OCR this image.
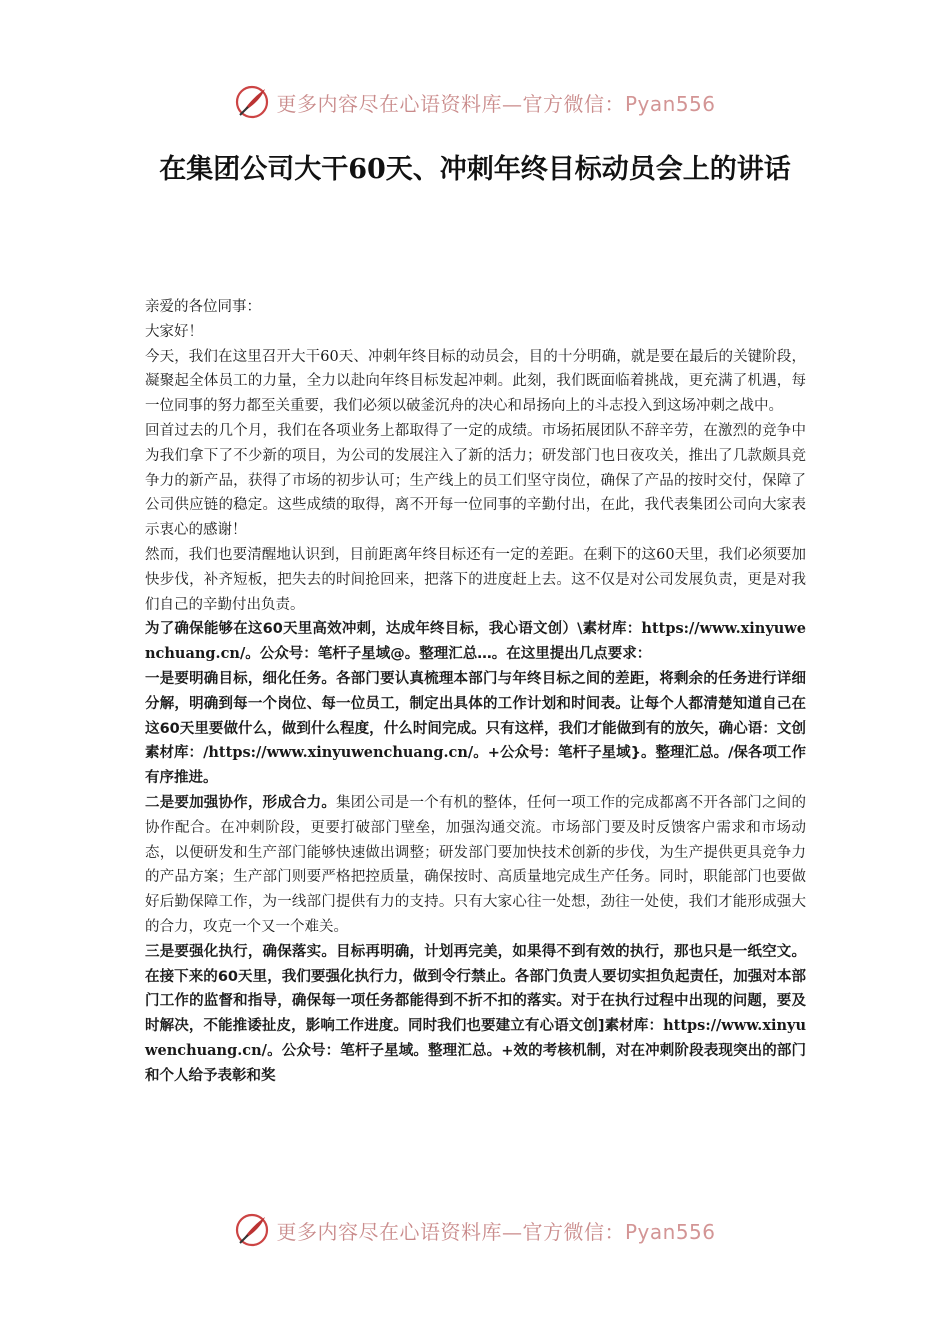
更多内容尽在心语资料库—官方微信：Pyan556
在集团公司大干60天、冲刺年终目标动员会上的讲话

亲爱的各位同事：

大家好！

今天，我们在这里召开大干60天、冲刺年终目标的动员会，目的十分明确，就是要在最后的关键阶段，凝聚起全体员工的力量，全力以赴向年终目标发起冲刺。此刻，我们既面临着挑战，更充满了机遇，每一位同事的努力都至关重要，我们必须以破釜沉舟的决心和昂扬向上的斗志投入到这场冲刺之战中。

回首过去的几个月，我们在各项业务上都取得了一定的成绩。市场拓展团队不辞辛劳，在激烈的竞争中为我们拿下了不少新的项目，为公司的发展注入了新的活力；研发部门也日夜攻关，推出了几款颇具竞争力的新产品，获得了市场的初步认可；生产线上的员工们坚守岗位，确保了产品的按时交付，保障了公司供应链的稳定。这些成绩的取得，离不开每一位同事的辛勤付出，在此，我代表集团公司向大家表示衷心的感谢！

然而，我们也要清醒地认识到，目前距离年终目标还有一定的差距。在剩下的这60天里，我们必须要加快步伐，补齐短板，把失去的时间抢回来，把落下的进度赶上去。这不仅是对公司发展负责，更是对我们自己的辛勤付出负责。

为了确保能够在这60天里高效冲刺，达成年终目标，我心语文创）\素材库：https://www.xinyuwenchuang.cn/。公众号：笔杆子星域@。整理汇总…。在这里提出几点要求：

一是要明确目标，细化任务。各部门要认真梳理本部门与年终目标之间的差距，将剩余的任务进行详细分解，明确到每一个岗位、每一位员工，制定出具体的工作计划和时间表。让每个人都清楚知道自己在这60天里要做什么，做到什么程度，什么时间完成。只有这样，我们才能做到有的放矢，确心语：文创素材库：/https://www.xinyuwenchuang.cn/。+公众号：笔杆子星域}。整理汇总。/保各项工作有序推进。

二是要加强协作，形成合力。集团公司是一个有机的整体，任何一项工作的完成都离不开各部门之间的协作配合。在冲刺阶段，更要打破部门壁垒，加强沟通交流。市场部门要及时反馈客户需求和市场动态，以便研发和生产部门能够快速做出调整；研发部门要加快技术创新的步伐，为生产提供更具竞争力的产品方案；生产部门则要严格把控质量，确保按时、高质量地完成生产任务。同时，职能部门也要做好后勤保障工作，为一线部门提供有力的支持。只有大家心往一处想，劲往一处使，我们才能形成强大的合力，攻克一个又一个难关。

三是要强化执行，确保落实。目标再明确，计划再完美，如果得不到有效的执行，那也只是一纸空文。在接下来的60天里，我们要强化执行力，做到令行禁止。各部门负责人要切实担负起责任，加强对本部门工作的监督和指导，确保每一项任务都能得到不折不扣的落实。对于在执行过程中出现的问题，要及时解决，不能推诿扯皮，影响工作进度。同时我们也要建立有心语文创]素材库：https://www.xinyuwenchuang.cn/。公众号：笔杆子星域。整理汇总。+效的考核机制，对在冲刺阶段表现突出的部门和个人给予表彰和奖

更多内容尽在心语资料库—官方微信：Pyan556
